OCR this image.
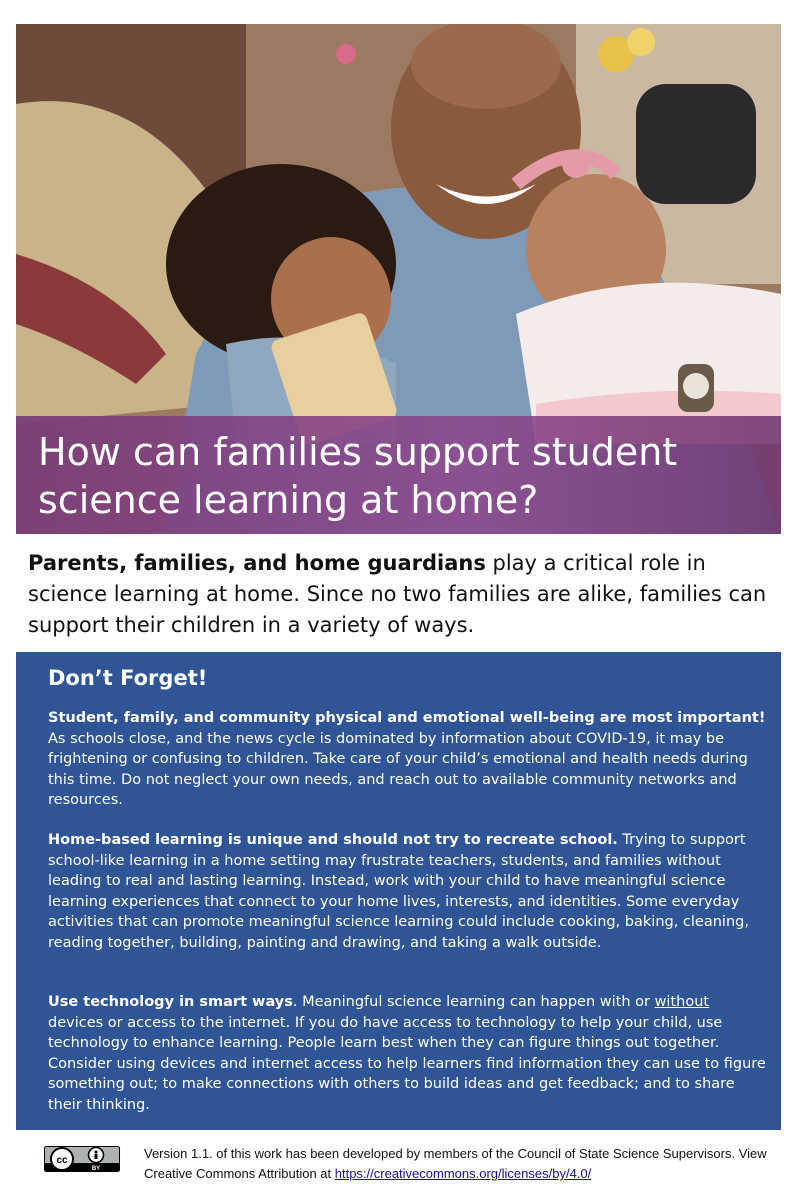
How can families support student science learning at home?

Parents, families, and home guardians play a critical role in science learning at home. Since no two families are alike, families can support their children in a variety of ways.

Don’t Forget!

Student, family, and community physical and emotional well-being are most important! As schools close, and the news cycle is dominated by information about COVID-19, it may be frightening or confusing to children. Take care of your child’s emotional and health needs during this time. Do not neglect your own needs, and reach out to available community networks and resources.

Home-based learning is unique and should not try to recreate school. Trying to support school-like learning in a home setting may frustrate teachers, students, and families without leading to real and lasting learning. Instead, work with your child to have meaningful science learning experiences that connect to your home lives, interests, and identities. Some everyday activities that can promote meaningful science learning could include cooking, baking, cleaning, reading together, building, painting and drawing, and taking a walk outside.

Use technology in smart ways. Meaningful science learning can happen with or without devices or access to the internet. If you do have access to technology to help your child, use technology to enhance learning. People learn best when they can figure things out together. Consider using devices and internet access to help learners find information they can use to figure something out; to make connections with others to build ideas and get feedback; and to share their thinking.

cc
BY

Version 1.1. of this work has been developed by members of the Council of State Science Supervisors. View Creative Commons Attribution at https://creativecommons.org/licenses/by/4.0/
